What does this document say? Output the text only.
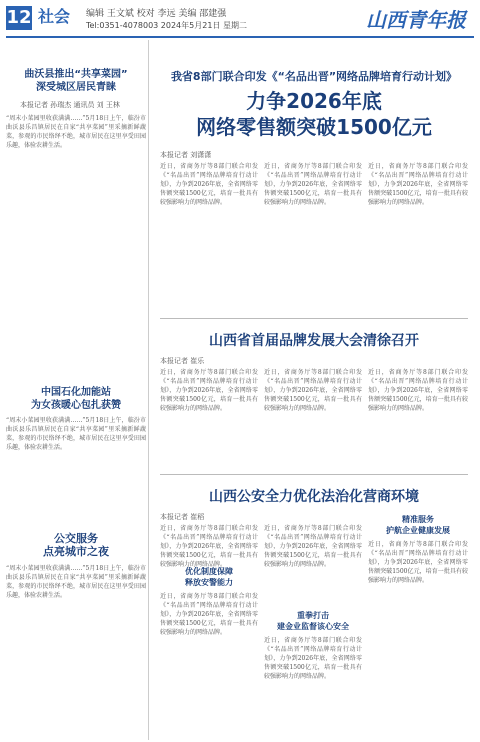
12 社会 编辑 王文斌 校对 李远 美编 邵建强
Tel:0351-4078003 2024年5月21日 星期二	山西青年报
曲沃县推出“共享菜园”
深受城区居民青睐
本报记者 孙瑞杰 通讯员 刘 王林
“周末小菜园里收获满满……”5月18日上午，临汾市曲沃县乐昌镇居民在自家“共享菜园”里采摘新鲜蔬菜，参观的市民络绎不绝，城市居民在这里享受田园乐趣，体验农耕生活。
中国石化加能站
为女孩暖心包扎获赞
“周末小菜园里收获满满……”5月18日上午，临汾市曲沃县乐昌镇居民在自家“共享菜园”里采摘新鲜蔬菜，参观的市民络绎不绝，城市居民在这里享受田园乐趣，体验农耕生活。
公交服务
点亮城市之夜
“周末小菜园里收获满满……”5月18日上午，临汾市曲沃县乐昌镇居民在自家“共享菜园”里采摘新鲜蔬菜，参观的市民络绎不绝，城市居民在这里享受田园乐趣，体验农耕生活。
我省8部门联合印发《“名品出晋”网络品牌培育行动计划》
力争2026年底
网络零售额突破1500亿元
本报记者 刘潇潇
近日，省商务厅等8部门联合印发《“名品出晋”网络品牌培育行动计划》，力争到2026年底，全省网络零售额突破1500亿元，培育一批具有较强影响力的网络品牌。
近日，省商务厅等8部门联合印发《“名品出晋”网络品牌培育行动计划》，力争到2026年底，全省网络零售额突破1500亿元，培育一批具有较强影响力的网络品牌。
近日，省商务厅等8部门联合印发《“名品出晋”网络品牌培育行动计划》，力争到2026年底，全省网络零售额突破1500亿元，培育一批具有较强影响力的网络品牌。
山西省首届品牌发展大会清徐召开
本报记者 崔乐
近日，省商务厅等8部门联合印发《“名品出晋”网络品牌培育行动计划》，力争到2026年底，全省网络零售额突破1500亿元，培育一批具有较强影响力的网络品牌。
近日，省商务厅等8部门联合印发《“名品出晋”网络品牌培育行动计划》，力争到2026年底，全省网络零售额突破1500亿元，培育一批具有较强影响力的网络品牌。
近日，省商务厅等8部门联合印发《“名品出晋”网络品牌培育行动计划》，力争到2026年底，全省网络零售额突破1500亿元，培育一批具有较强影响力的网络品牌。
山西公安全力优化法治化营商环境
本报记者 崔稻
近日，省商务厅等8部门联合印发《“名品出晋”网络品牌培育行动计划》，力争到2026年底，全省网络零售额突破1500亿元，培育一批具有较强影响力的网络品牌。
优化制度保障
释放安警能力
近日，省商务厅等8部门联合印发《“名品出晋”网络品牌培育行动计划》，力争到2026年底，全省网络零售额突破1500亿元，培育一批具有较强影响力的网络品牌。
近日，省商务厅等8部门联合印发《“名品出晋”网络品牌培育行动计划》，力争到2026年底，全省网络零售额突破1500亿元，培育一批具有较强影响力的网络品牌。
重拳打击
建金业监督该心安全
近日，省商务厅等8部门联合印发《“名品出晋”网络品牌培育行动计划》，力争到2026年底，全省网络零售额突破1500亿元，培育一批具有较强影响力的网络品牌。
精准服务
护航企业健康发展
近日，省商务厅等8部门联合印发《“名品出晋”网络品牌培育行动计划》，力争到2026年底，全省网络零售额突破1500亿元，培育一批具有较强影响力的网络品牌。
